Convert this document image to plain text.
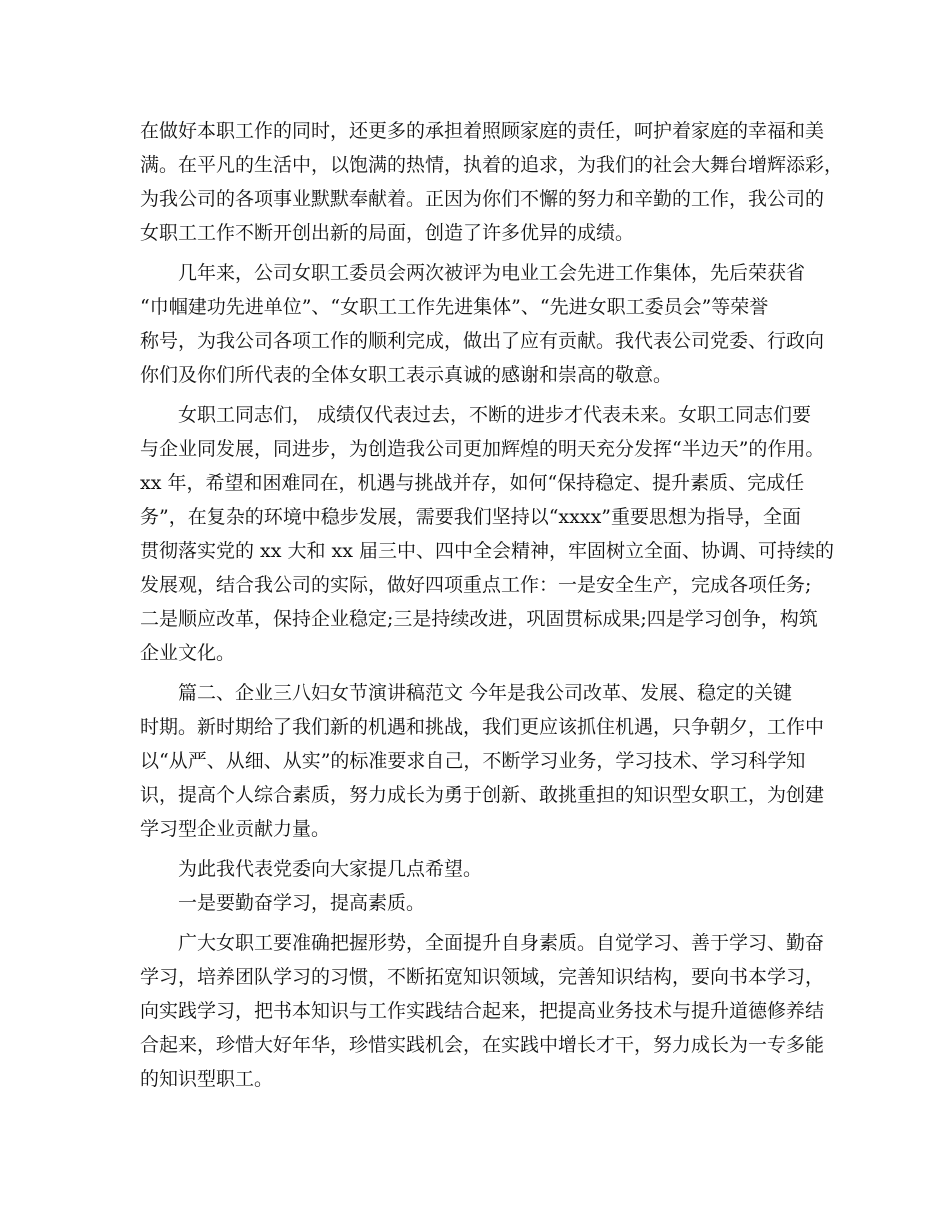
在做好本职工作的同时，还更多的承担着照顾家庭的责任，呵护着家庭的幸福和美
满。在平凡的生活中，以饱满的热情，执着的追求，为我们的社会大舞台增辉添彩，
为我公司的各项事业默默奉献着。正因为你们不懈的努力和辛勤的工作，我公司的
女职工工作不断开创出新的局面，创造了许多优异的成绩。
几年来，公司女职工委员会两次被评为电业工会先进工作集体，先后荣获省
“巾帼建功先进单位”、“女职工工作先进集体”、“先进女职工委员会”等荣誉
称号，为我公司各项工作的顺利完成，做出了应有贡献。我代表公司党委、行政向
你们及你们所代表的全体女职工表示真诚的感谢和崇高的敬意。
女职工同志们， 成绩仅代表过去，不断的进步才代表未来。女职工同志们要
与企业同发展，同进步，为创造我公司更加辉煌的明天充分发挥“半边天”的作用。
xx 年，希望和困难同在，机遇与挑战并存，如何“保持稳定、提升素质、完成任
务”，在复杂的环境中稳步发展，需要我们坚持以“xxxx”重要思想为指导，全面
贯彻落实党的 xx 大和 xx 届三中、四中全会精神，牢固树立全面、协调、可持续的
发展观，结合我公司的实际，做好四项重点工作：一是安全生产，完成各项任务;
二是顺应改革，保持企业稳定;三是持续改进，巩固贯标成果;四是学习创争，构筑
企业文化。
篇二、企业三八妇女节演讲稿范文 今年是我公司改革、发展、稳定的关键
时期。新时期给了我们新的机遇和挑战，我们更应该抓住机遇，只争朝夕，工作中
以“从严、从细、从实”的标准要求自己，不断学习业务，学习技术、学习科学知
识，提高个人综合素质，努力成长为勇于创新、敢挑重担的知识型女职工，为创建
学习型企业贡献力量。
为此我代表党委向大家提几点希望。
一是要勤奋学习，提高素质。
广大女职工要准确把握形势，全面提升自身素质。自觉学习、善于学习、勤奋
学习，培养团队学习的习惯，不断拓宽知识领域，完善知识结构，要向书本学习，
向实践学习，把书本知识与工作实践结合起来，把提高业务技术与提升道德修养结
合起来，珍惜大好年华，珍惜实践机会，在实践中增长才干，努力成长为一专多能
的知识型职工。
